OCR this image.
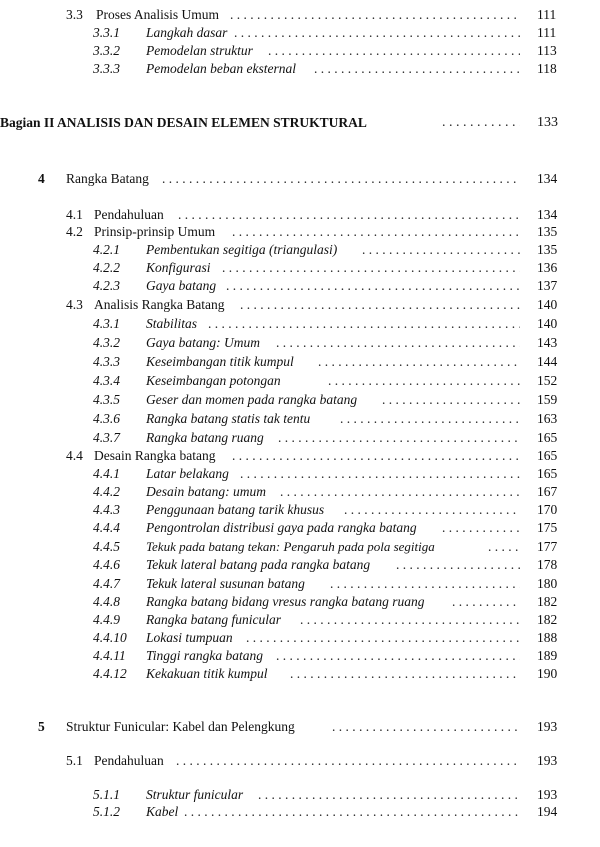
3.3 Proses Analisis Umum . . .	111
3.3.1 Langkah dasar . . .	111
3.3.2 Pemodelan struktur . . .	113
3.3.3 Pemodelan beban eksternal . . .	118
Bagian II ANALISIS DAN DESAIN ELEMEN STRUKTURAL . . .	133
4 Rangka Batang . . .	134
4.1 Pendahuluan . . .	134
4.2 Prinsip-prinsip Umum . . .	135
4.2.1 Pembentukan segitiga (triangulasi) . . .	135
4.2.2 Konfigurasi . . .	136
4.2.3 Gaya batang . . .	137
4.3 Analisis Rangka Batang . . .	140
4.3.1 Stabilitas . . .	140
4.3.2 Gaya batang: Umum . . .	143
4.3.3 Keseimbangan titik kumpul . . .	144
4.3.4 Keseimbangan potongan . . .	152
4.3.5 Geser dan momen pada rangka batang . . .	159
4.3.6 Rangka batang statis tak tentu . . .	163
4.3.7 Rangka batang ruang . . .	165
4.4 Desain Rangka batang . . .	165
4.4.1 Latar belakang . . .	165
4.4.2 Desain batang: umum . . .	167
4.4.3 Penggunaan batang tarik khusus . . .	170
4.4.4 Pengontrolan distribusi gaya pada rangka batang . . .	175
4.4.5 Tekuk pada batang tekan: Pengaruh pada pola segitiga . . .	177
4.4.6 Tekuk lateral batang pada rangka batang . . .	178
4.4.7 Tekuk lateral susunan batang . . .	180
4.4.8 Rangka batang bidang vresus rangka batang ruang . . .	182
4.4.9 Rangka batang funicular . . .	182
4.4.10 Lokasi tumpuan . . .	188
4.4.11 Tinggi rangka batang . . .	189
4.4.12 Kekakuan titik kumpul . . .	190
5 Struktur Funicular: Kabel dan Pelengkung . . .	193
5.1 Pendahuluan . . .	193
5.1.1 Struktur funicular . . .	193
5.1.2 Kabel . . .	194
